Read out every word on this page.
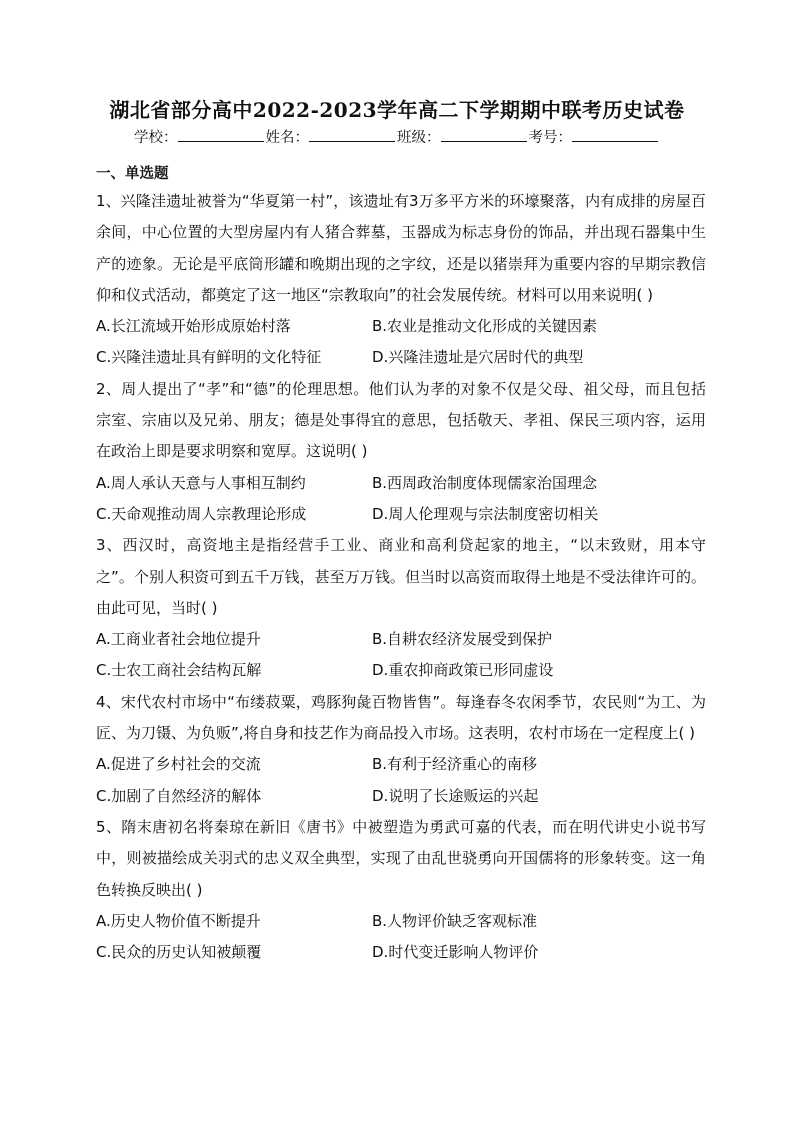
湖北省部分高中2022-2023学年高二下学期期中联考历史试卷
学校：	姓名：	班级：	考号：
一、单选题

1、兴隆洼遗址被誉为“华夏第一村”，该遗址有3万多平方米的环壕聚落，内有成排的房屋百余间，中心位置的大型房屋内有人猪合葬墓，玉器成为标志身份的饰品，并出现石器集中生产的迹象。无论是平底筒形罐和晚期出现的之字纹，还是以猪崇拜为重要内容的早期宗教信仰和仪式活动，都奠定了这一地区“宗教取向”的社会发展传统。材料可以用来说明( )

A.长江流域开始形成原始村落	B.农业是推动文化形成的关键因素
C.兴隆洼遗址具有鲜明的文化特征	D.兴隆洼遗址是穴居时代的典型

2、周人提出了“孝”和“德”的伦理思想。他们认为孝的对象不仅是父母、祖父母，而且包括宗室、宗庙以及兄弟、朋友；德是处事得宜的意思，包括敬天、孝祖、保民三项内容，运用在政治上即是要求明察和宽厚。这说明( )

A.周人承认天意与人事相互制约	B.西周政治制度体现儒家治国理念
C.天命观推动周人宗教理论形成	D.周人伦理观与宗法制度密切相关

3、西汉时，高资地主是指经营手工业、商业和高利贷起家的地主，“以末致财，用本守之”。个别人积资可到五千万钱，甚至万万钱。但当时以高资而取得土地是不受法律许可的。由此可见，当时( )

A.工商业者社会地位提升	B.自耕农经济发展受到保护
C.士农工商社会结构瓦解	D.重农抑商政策已形同虚设

4、宋代农村市场中“布缕菽粟，鸡豚狗彘百物皆售”。每逢春冬农闲季节，农民则“为工、为匠、为刀镊、为负贩”,将自身和技艺作为商品投入市场。这表明，农村市场在一定程度上( )

A.促进了乡村社会的交流	B.有利于经济重心的南移
C.加剧了自然经济的解体	D.说明了长途贩运的兴起

5、隋末唐初名将秦琼在新旧《唐书》中被塑造为勇武可嘉的代表，而在明代讲史小说书写中，则被描绘成关羽式的忠义双全典型，实现了由乱世骁勇向开国儒将的形象转变。这一角色转换反映出( )

A.历史人物价值不断提升	B.人物评价缺乏客观标准
C.民众的历史认知被颠覆	D.时代变迁影响人物评价
